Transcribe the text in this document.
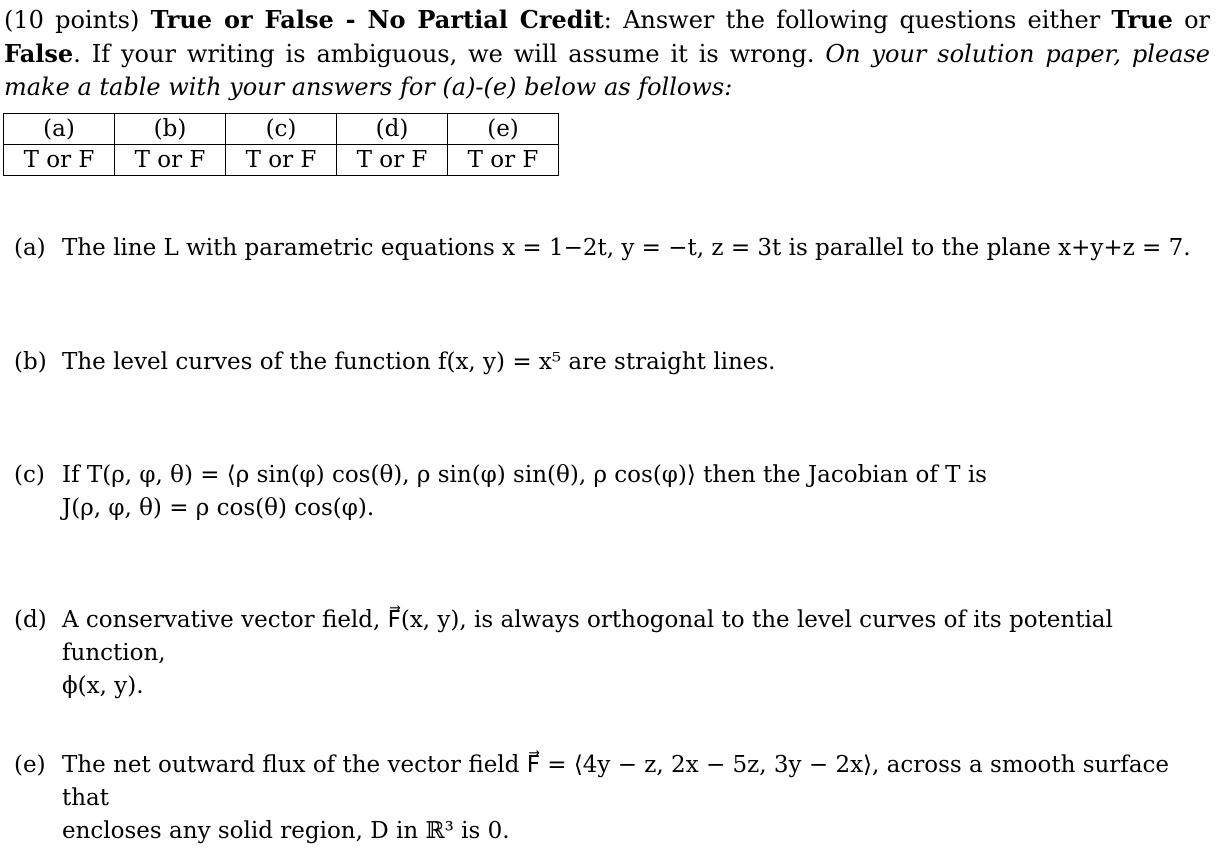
(10 points) True or False - No Partial Credit: Answer the following questions either True or False. If your writing is ambiguous, we will assume it is wrong. On your solution paper, please make a table with your answers for (a)-(e) below as follows:
(a)	(b)	(c)	(d)	(e)
T or F	T or F	T or F	T or F	T or F
(a) The line L with parametric equations x = 1−2t, y = −t, z = 3t is parallel to the plane x+y+z = 7.
(b) The level curves of the function f(x, y) = x⁵ are straight lines.
(c) If T(ρ, φ, θ) = ⟨ρ sin(φ) cos(θ), ρ sin(φ) sin(θ), ρ cos(φ)⟩ then the Jacobian of T is
J(ρ, φ, θ) = ρ cos(θ) cos(φ).
(d) A conservative vector field, F⃗(x, y), is always orthogonal to the level curves of its potential function,
ϕ(x, y).
(e) The net outward flux of the vector field F⃗ = ⟨4y − z, 2x − 5z, 3y − 2x⟩, across a smooth surface that
encloses any solid region, D in ℝ³ is 0.
